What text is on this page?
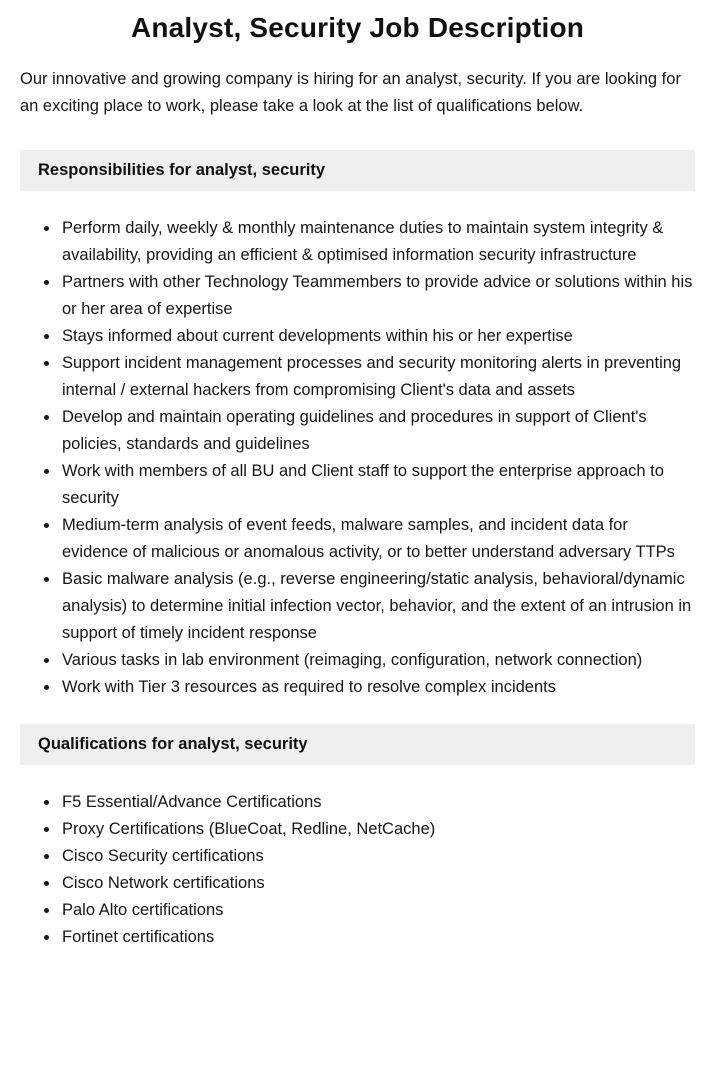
Analyst, Security Job Description

Our innovative and growing company is hiring for an analyst, security. If you are looking for an exciting place to work, please take a look at the list of qualifications below.

Responsibilities for analyst, security
• Perform daily, weekly & monthly maintenance duties to maintain system integrity & availability, providing an efficient & optimised information security infrastructure
• Partners with other Technology Teammembers to provide advice or solutions within his or her area of expertise
• Stays informed about current developments within his or her expertise
• Support incident management processes and security monitoring alerts in preventing internal / external hackers from compromising Client's data and assets
• Develop and maintain operating guidelines and procedures in support of Client's policies, standards and guidelines
• Work with members of all BU and Client staff to support the enterprise approach to security
• Medium-term analysis of event feeds, malware samples, and incident data for evidence of malicious or anomalous activity, or to better understand adversary TTPs
• Basic malware analysis (e.g., reverse engineering/static analysis, behavioral/dynamic analysis) to determine initial infection vector, behavior, and the extent of an intrusion in support of timely incident response
• Various tasks in lab environment (reimaging, configuration, network connection)
• Work with Tier 3 resources as required to resolve complex incidents
Qualifications for analyst, security
• F5 Essential/Advance Certifications
• Proxy Certifications (BlueCoat, Redline, NetCache)
• Cisco Security certifications
• Cisco Network certifications
• Palo Alto certifications
• Fortinet certifications
